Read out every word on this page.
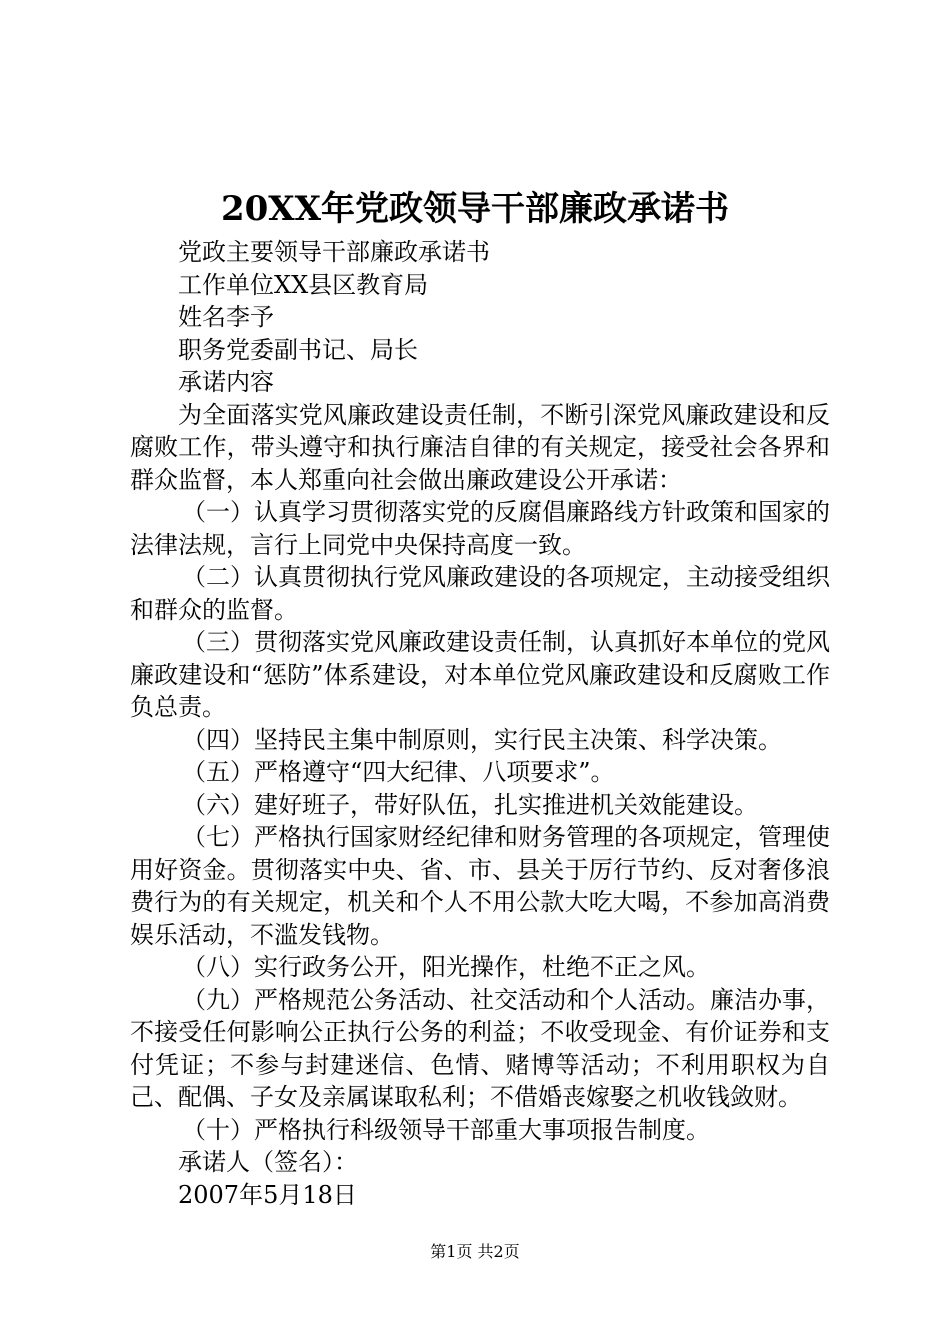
20XX年党政领导干部廉政承诺书

党政主要领导干部廉政承诺书

工作单位XX县区教育局

姓名李予

职务党委副书记、局长

承诺内容

为全面落实党风廉政建设责任制，不断引深党风廉政建设和反腐败工作，带头遵守和执行廉洁自律的有关规定，接受社会各界和群众监督，本人郑重向社会做出廉政建设公开承诺：

（一）认真学习贯彻落实党的反腐倡廉路线方针政策和国家的法律法规，言行上同党中央保持高度一致。

（二）认真贯彻执行党风廉政建设的各项规定，主动接受组织和群众的监督。

（三）贯彻落实党风廉政建设责任制，认真抓好本单位的党风廉政建设和“惩防”体系建设，对本单位党风廉政建设和反腐败工作负总责。

（四）坚持民主集中制原则，实行民主决策、科学决策。

（五）严格遵守“四大纪律、八项要求”。

（六）建好班子，带好队伍，扎实推进机关效能建设。

（七）严格执行国家财经纪律和财务管理的各项规定，管理使用好资金。贯彻落实中央、省、市、县关于厉行节约、反对奢侈浪费行为的有关规定，机关和个人不用公款大吃大喝，不参加高消费娱乐活动，不滥发钱物。

（八）实行政务公开，阳光操作，杜绝不正之风。

（九）严格规范公务活动、社交活动和个人活动。廉洁办事，不接受任何影响公正执行公务的利益；不收受现金、有价证券和支付凭证；不参与封建迷信、色情、赌博等活动；不利用职权为自己、配偶、子女及亲属谋取私利；不借婚丧嫁娶之机收钱敛财。

（十）严格执行科级领导干部重大事项报告制度。

承诺人（签名）：

2007年5月18日

第1页 共2页
